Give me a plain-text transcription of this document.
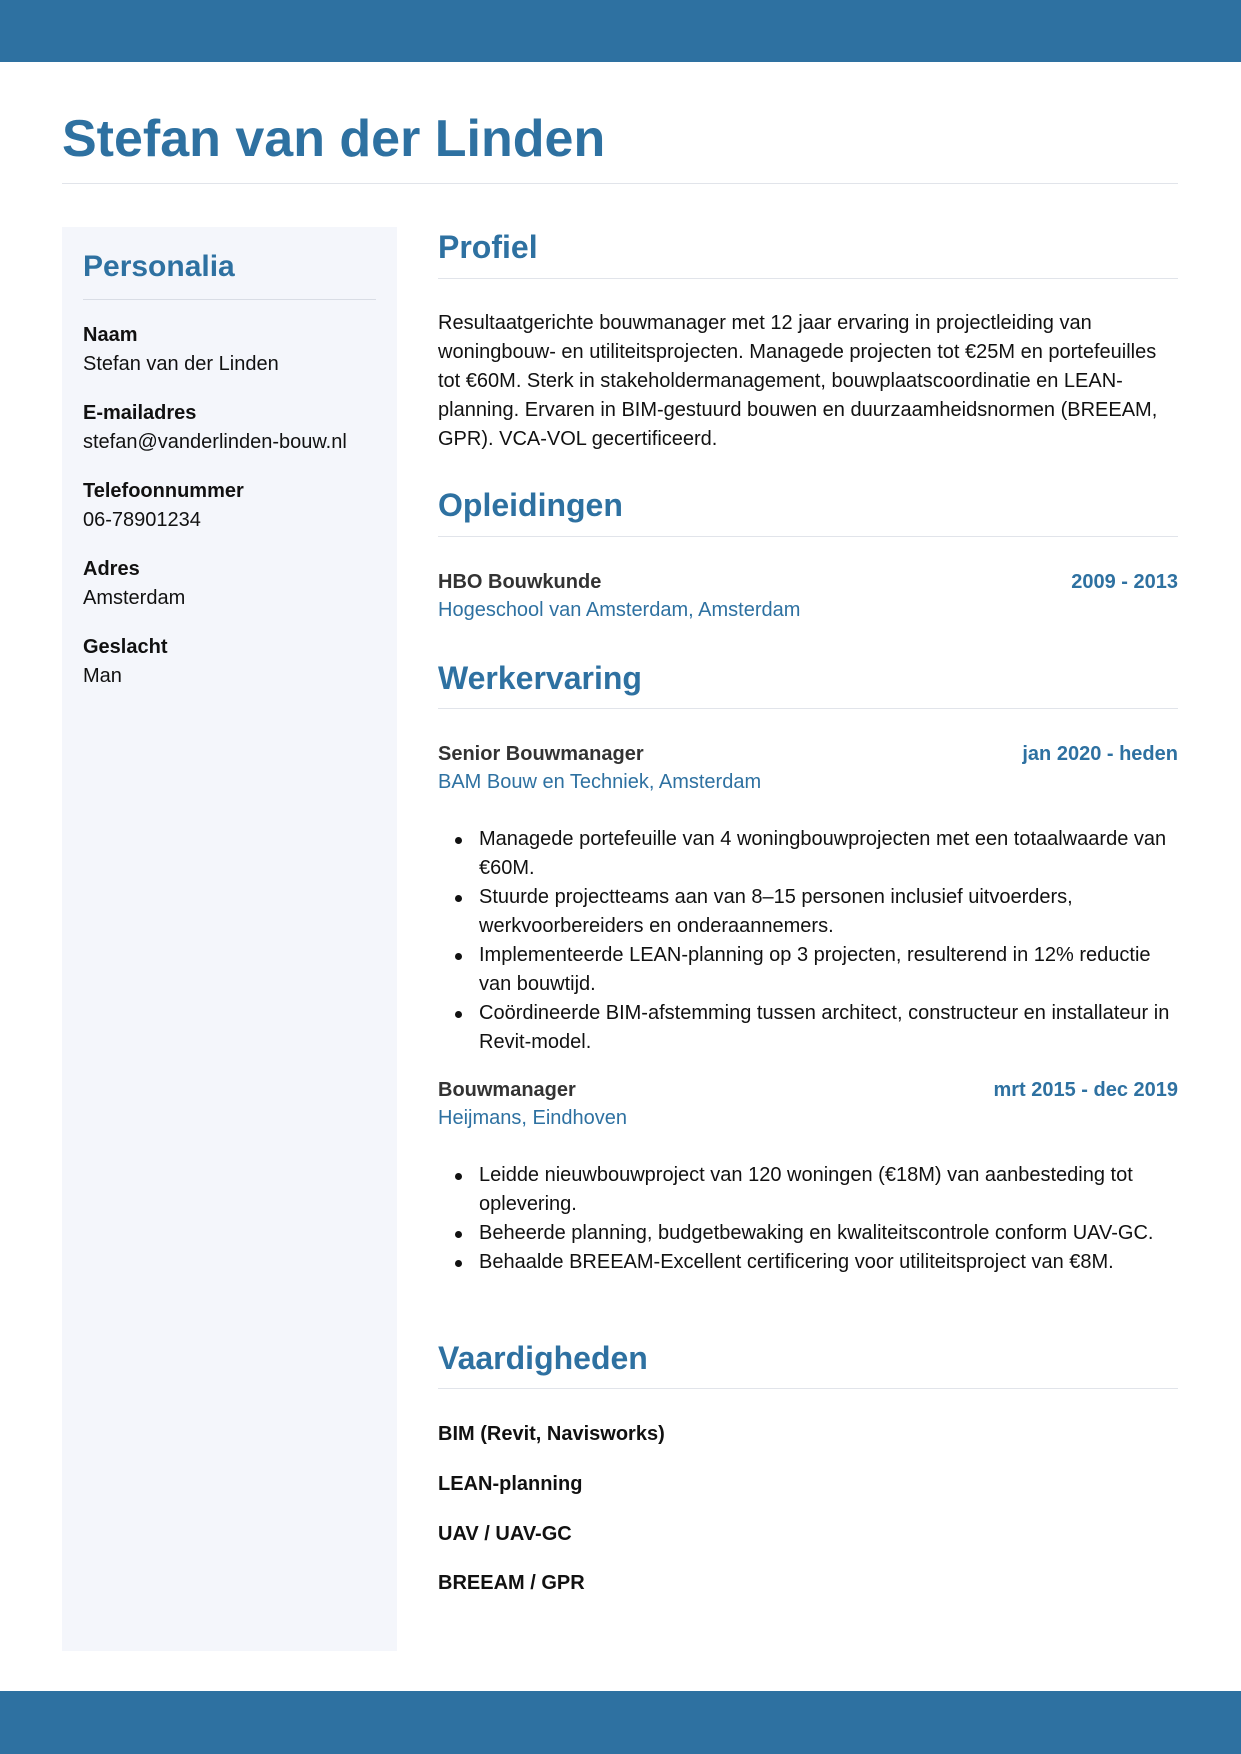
Stefan van der Linden
Personalia
Naam
Stefan van der Linden
E-mailadres
stefan@vanderlinden-bouw.nl
Telefoonnummer
06-78901234
Adres
Amsterdam
Geslacht
Man
Profiel

Resultaatgerichte bouwmanager met 12 jaar ervaring in projectleiding van woningbouw- en utiliteitsprojecten. Managede projecten tot €25M en portefeuilles tot €60M. Sterk in stakeholdermanagement, bouwplaatscoordinatie en LEAN-planning. Ervaren in BIM-gestuurd bouwen en duurzaamheidsnormen (BREEAM, GPR). VCA-VOL gecertificeerd.

Opleidingen
HBO Bouwkunde	2009 - 2013
Hogeschool van Amsterdam, Amsterdam
Werkervaring
Senior Bouwmanager	jan 2020 - heden
BAM Bouw en Techniek, Amsterdam
Managede portefeuille van 4 woningbouwprojecten met een totaalwaarde van €60M.
Stuurde projectteams aan van 8–15 personen inclusief uitvoerders, werkvoorbereiders en onderaannemers.
Implementeerde LEAN-planning op 3 projecten, resulterend in 12% reductie van bouwtijd.
Coördineerde BIM-afstemming tussen architect, constructeur en installateur in Revit-model.
Bouwmanager	mrt 2015 - dec 2019
Heijmans, Eindhoven
Leidde nieuwbouwproject van 120 woningen (€18M) van aanbesteding tot oplevering.
Beheerde planning, budgetbewaking en kwaliteitscontrole conform UAV-GC.
Behaalde BREEAM-Excellent certificering voor utiliteitsproject van €8M.
Vaardigheden
BIM (Revit, Navisworks)
LEAN-planning
UAV / UAV-GC
BREEAM / GPR
